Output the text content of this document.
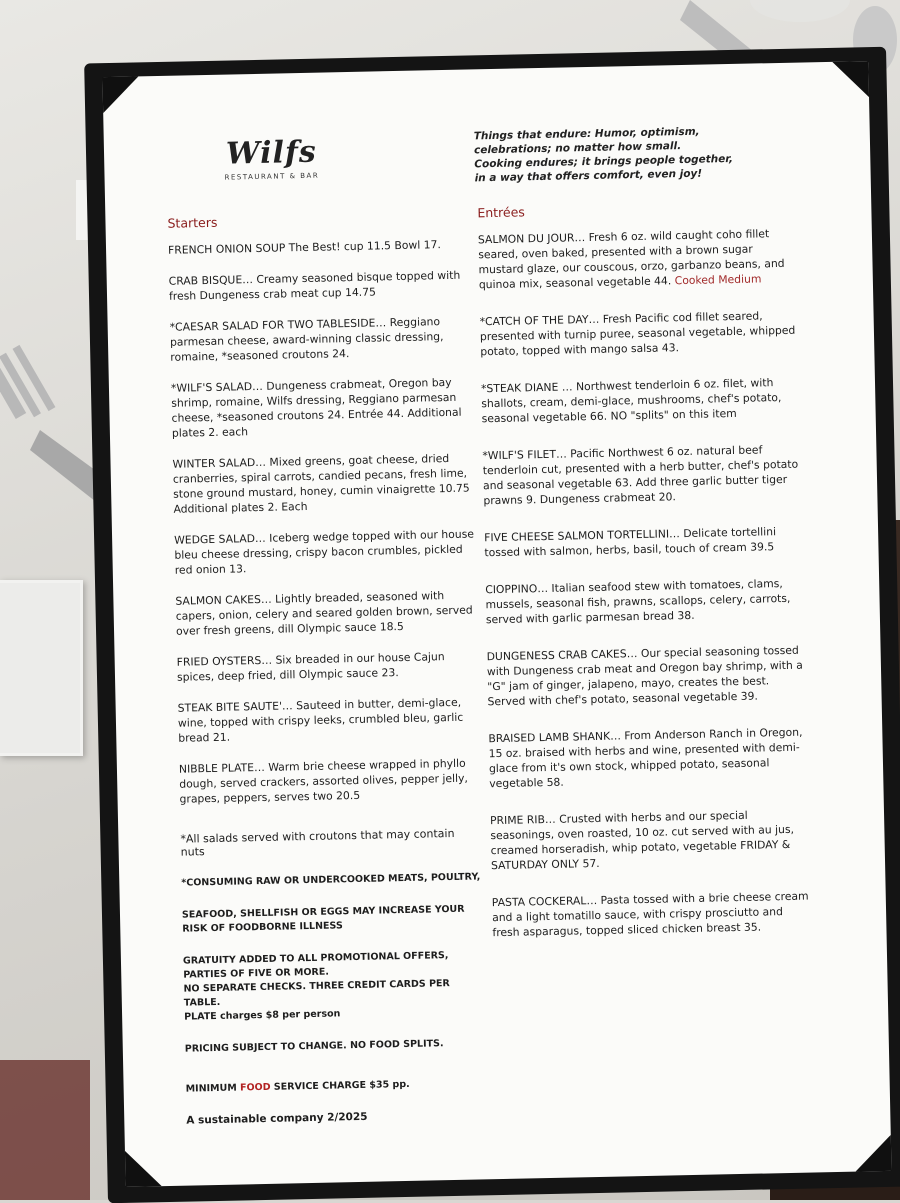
Wilfs
RESTAURANT & BAR
Things that endure: Humor, optimism,
celebrations; no matter how small.
Cooking endures; it brings people together,
in a way that offers comfort, even joy!
Starters
FRENCH ONION SOUP The Best! cup 11.5 Bowl 17.
CRAB BISQUE… Creamy seasoned bisque topped with fresh Dungeness crab meat cup 14.75
*CAESAR SALAD FOR TWO TABLESIDE… Reggiano parmesan cheese, award-winning classic dressing, romaine, *seasoned croutons 24.
*WILF'S SALAD… Dungeness crabmeat, Oregon bay shrimp, romaine, Wilfs dressing, Reggiano parmesan cheese, *seasoned croutons 24. Entrée 44. Additional plates 2. each
WINTER SALAD… Mixed greens, goat cheese, dried cranberries, spiral carrots, candied pecans, fresh lime, stone ground mustard, honey, cumin vinaigrette 10.75 Additional plates 2. Each
WEDGE SALAD… Iceberg wedge topped with our house bleu cheese dressing, crispy bacon crumbles, pickled red onion 13.
SALMON CAKES… Lightly breaded, seasoned with capers, onion, celery and seared golden brown, served over fresh greens, dill Olympic sauce 18.5
FRIED OYSTERS… Six breaded in our house Cajun spices, deep fried, dill Olympic sauce 23.
STEAK BITE SAUTE'… Sauteed in butter, demi-glace, wine, topped with crispy leeks, crumbled bleu, garlic bread 21.
NIBBLE PLATE… Warm brie cheese wrapped in phyllo dough, served crackers, assorted olives, pepper jelly, grapes, peppers, serves two 20.5
*All salads served with croutons that may contain nuts
*CONSUMING RAW OR UNDERCOOKED MEATS, POULTRY,
SEAFOOD, SHELLFISH OR EGGS MAY INCREASE YOUR RISK OF FOODBORNE ILLNESS
GRATUITY ADDED TO ALL PROMOTIONAL OFFERS, PARTIES OF FIVE OR MORE.
NO SEPARATE CHECKS. THREE CREDIT CARDS PER TABLE.
PLATE charges $8 per person
PRICING SUBJECT TO CHANGE. NO FOOD SPLITS.
MINIMUM FOOD SERVICE CHARGE $35 pp.
A sustainable company 2/2025
Entrées
SALMON DU JOUR… Fresh 6 oz. wild caught coho fillet seared, oven baked, presented with a brown sugar mustard glaze, our couscous, orzo, garbanzo beans, and quinoa mix, seasonal vegetable 44. Cooked Medium
*CATCH OF THE DAY… Fresh Pacific cod fillet seared, presented with turnip puree, seasonal vegetable, whipped potato, topped with mango salsa 43.
*STEAK DIANE … Northwest tenderloin 6 oz. filet, with shallots, cream, demi-glace, mushrooms, chef's potato, seasonal vegetable 66. NO "splits" on this item
*WILF'S FILET… Pacific Northwest 6 oz. natural beef tenderloin cut, presented with a herb butter, chef's potato and seasonal vegetable 63. Add three garlic butter tiger prawns 9. Dungeness crabmeat 20.
FIVE CHEESE SALMON TORTELLINI… Delicate tortellini tossed with salmon, herbs, basil, touch of cream 39.5
CIOPPINO… Italian seafood stew with tomatoes, clams, mussels, seasonal fish, prawns, scallops, celery, carrots, served with garlic parmesan bread 38.
DUNGENESS CRAB CAKES… Our special seasoning tossed with Dungeness crab meat and Oregon bay shrimp, with a "G" jam of ginger, jalapeno, mayo, creates the best. Served with chef's potato, seasonal vegetable 39.
BRAISED LAMB SHANK… From Anderson Ranch in Oregon, 15 oz. braised with herbs and wine, presented with demi-glace from it's own stock, whipped potato, seasonal vegetable 58.
PRIME RIB… Crusted with herbs and our special seasonings, oven roasted, 10 oz. cut served with au jus, creamed horseradish, whip potato, vegetable FRIDAY & SATURDAY ONLY 57.
PASTA COCKERAL… Pasta tossed with a brie cheese cream and a light tomatillo sauce, with crispy prosciutto and fresh asparagus, topped sliced chicken breast 35.
